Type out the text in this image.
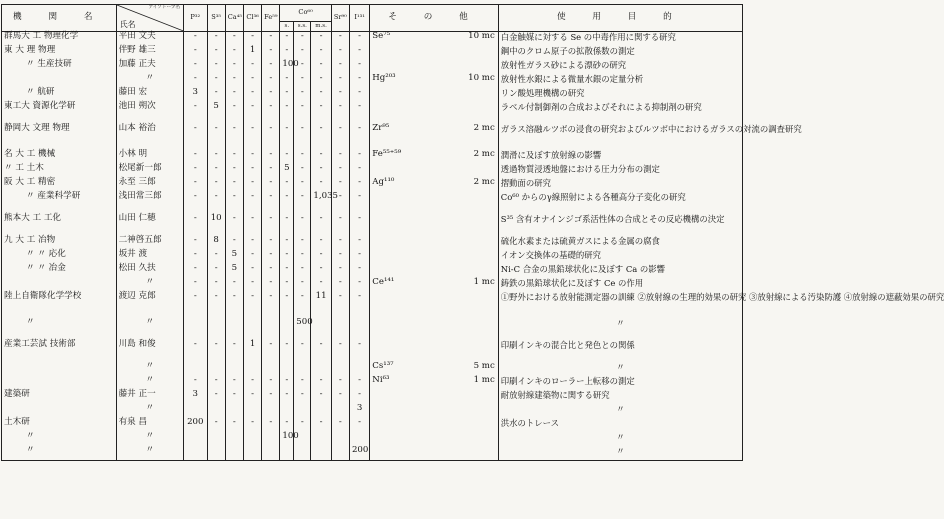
機 関 名	アイソトープ名
氏名	P³²	S³⁵	Ca⁴⁵	Cl³⁶	Fe⁵⁹	Co⁶⁰			Sr⁹⁰	I¹³¹	そ の 他	使 用 目 的
							s.	s.s.	m.s.				
群馬大 工 物理化学	平田 文夫	-	-	-	-	-	-	-	-	-	-	Se⁷⁵ 10 mc	白金触媒に対する Se の中毒作用に関する研究
東 大 理 物理	伴野 雄三	-	-	-	1	-	-	-	-	-	-		鋼中のクロム原子の拡散係数の測定
〃 生産技研	加藤 正夫	-	-	-	-	-	100	-	-	-	-		放射性ガラス砂による漂砂の研究
	〃	-	-	-	-	-	-	-	-	-	-	Hg²⁰³ 10 mc	放射性水銀による微量水銀の定量分析
〃 航研	藤田 宏	3	-	-	-	-	-	-	-	-	-		リン酸処理機構の研究
東工大 資源化学研	池田 朔次	-	5	-	-	-	-	-	-	-	-		ラベル付制御剤の合成およびそれによる抑制剤の研究
静岡大 文理 物理	山本 裕治	-	-	-	-	-	-	-	-	-	-	Zr⁹⁵ 2 mc	ガラス溶融ルツボの浸食の研究およびルツボ中におけるガラスの対流の調査研究
名 大 工 機械	小林 明	-	-	-	-	-	-	-	-	-	-	Fe⁵⁵⁺⁵⁹ 2 mc	潤滑に及ぼす放射線の影響
〃 工 土木	松尾新一郎	-	-	-	-	-	5	-	-	-	-		透過物質浸透地盤における圧力分布の測定
阪 大 工 精密	永至 三郎	-	-	-	-	-	-	-	-	-	-	Ag¹¹⁰ 2 mc	摺動面の研究
〃 産業科学研	浅田常三郎	-	-	-	-	-	-	-	1,035	-	-		Co⁶⁰ からのγ線照射による各種高分子変化の研究
熊本大 工 工化	山田 仁穂	-	10	-	-	-	-	-	-	-	-		S³⁵ 含有オナインジゴ系活性体の合成とその反応機構の決定
九 大 工 冶物	二神啓五郎	-	8	-	-	-	-	-	-	-	-		硫化水素または硫黄ガスによる金属の腐食
〃 〃 応化	坂井 渡	-	-	5	-	-	-	-	-	-	-		イオン交換体の基礎的研究
〃 〃 冶金	松田 久扶	-	-	5	-	-	-	-	-	-	-		Ni-C 合金の黒鉛球状化に及ぼす Ca の影響
	〃	-	-	-	-	-	-	-	-	-	-	Ce¹⁴¹ 1 mc	鋳鉄の黒鉛球状化に及ぼす Ce の作用
陸上自衛隊化学学校	渡辺 克郎	-	-	-	-	-	-	-	11	-	-		①野外における放射能測定器の訓練 ②放射線の生理的効果の研究 ③放射線による汚染防護 ④放射線の遮蔽効果の研究
〃	〃							500					〃
産業工芸試 技術部	川島 和俊	-	-	-	1	-	-	-	-	-	-		印刷インキの混合比と発色との関係
	〃											Cs¹³⁷ 5 mc	〃
	〃	-	-	-	-	-	-	-	-	-	-	Ni⁶³ 1 mc	印刷インキのローラー上転移の測定
建築研	藤井 正一	3	-	-	-	-	-	-	-	-	-		耐放射線建築物に関する研究
	〃										3		〃
土木研	有泉 昌	200	-	-	-	-	-	-	-	-	-		洪水のトレース
〃	〃						100						〃
〃	〃										200		〃
